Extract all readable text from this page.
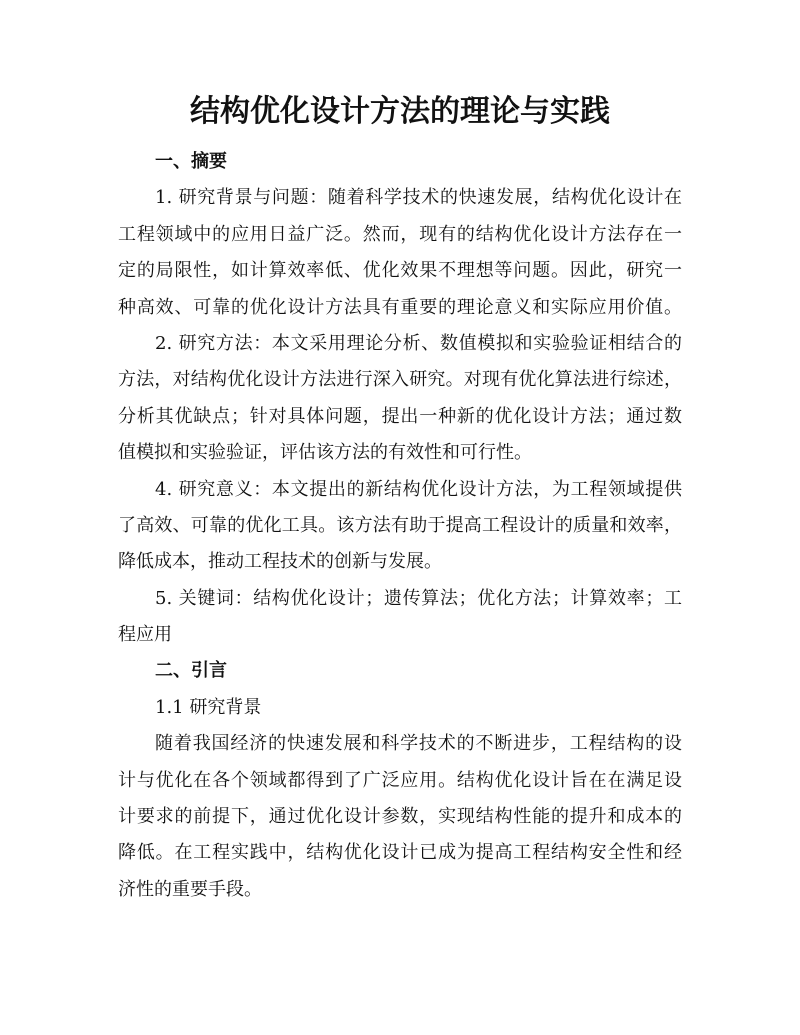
结构优化设计方法的理论与实践
一、摘要
1. 研究背景与问题：随着科学技术的快速发展，结构优化设计在
工程领域中的应用日益广泛。然而，现有的结构优化设计方法存在一
定的局限性，如计算效率低、优化效果不理想等问题。因此，研究一
种高效、可靠的优化设计方法具有重要的理论意义和实际应用价值。
2. 研究方法：本文采用理论分析、数值模拟和实验验证相结合的
方法，对结构优化设计方法进行深入研究。对现有优化算法进行综述，
分析其优缺点；针对具体问题，提出一种新的优化设计方法；通过数
值模拟和实验验证，评估该方法的有效性和可行性。
4. 研究意义：本文提出的新结构优化设计方法，为工程领域提供
了高效、可靠的优化工具。该方法有助于提高工程设计的质量和效率，
降低成本，推动工程技术的创新与发展。
5. 关键词：结构优化设计；遗传算法；优化方法；计算效率；工
程应用
二、引言
1.1 研究背景
随着我国经济的快速发展和科学技术的不断进步，工程结构的设
计与优化在各个领域都得到了广泛应用。结构优化设计旨在在满足设
计要求的前提下，通过优化设计参数，实现结构性能的提升和成本的
降低。在工程实践中，结构优化设计已成为提高工程结构安全性和经
济性的重要手段。
